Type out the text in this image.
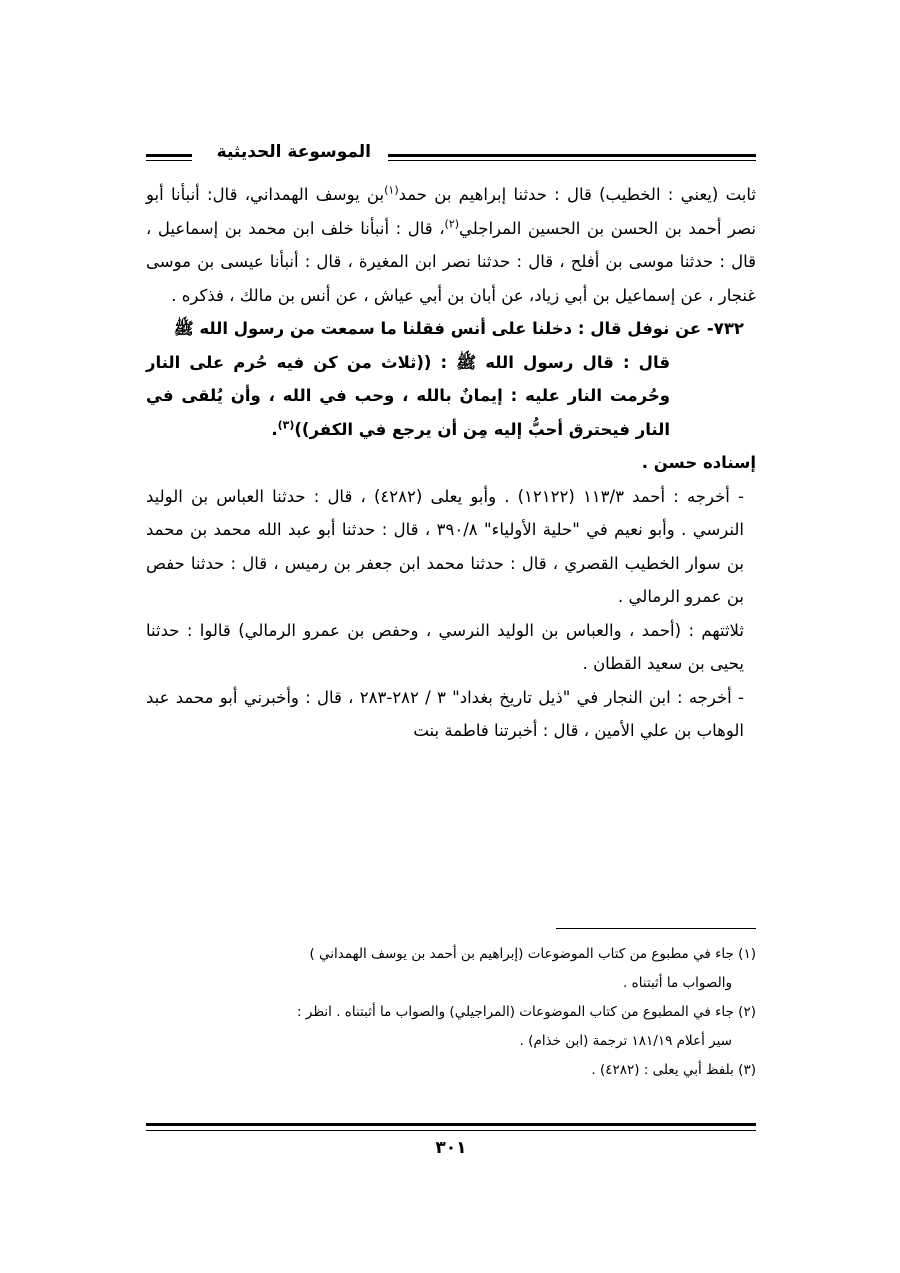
الموسوعة الحديثية

ثابت (يعني : الخطيب) قال : حدثنا إبراهيم بن حمد$^{(١)}$بن يوسف الهمداني، قال: أنبأنا أبو نصر أحمد بن الحسن بن الحسين المراجلي$^{(٢)}$، قال : أنبأنا خلف ابن محمد بن إسماعيل ، قال : حدثنا موسى بن أفلح ، قال : حدثنا نصر ابن المغيرة ، قال : أنبأنا عيسى بن موسى غنجار ، عن إسماعيل بن أبي زياد، عن أبان بن أبي عياش ، عن أنس بن مالك ، فذكره .

٧٣٢- عن نوفل قال : دخلنا على أنس فقلنا ما سمعت من رسول الله ﷺ

قال : قال رسول الله ﷺ : ((ثلاث من كن فيه حُرم على النار وحُرمت النار عليه : إيمانٌ بالله ، وحب في الله ، وأن يُلقى في النار فيحترق أحبُّ إليه مِن أن يرجع في الكفر))$^{(٣)}$.

إسناده حسن .

- أخرجه : أحمد ١١٣/٣ (١٢١٢٢) . وأبو يعلى (٤٢٨٢) ، قال : حدثنا العباس بن الوليد النرسي . وأبو نعيم في "حلية الأولياء" ٣٩٠/٨ ، قال : حدثنا أبو عبد الله محمد بن محمد بن سوار الخطيب القصري ، قال : حدثنا محمد ابن جعفر بن رميس ، قال : حدثنا حفص بن عمرو الرمالي .

ثلاثتهم : (أحمد ، والعباس بن الوليد النرسي ، وحفص بن عمرو الرمالي) قالوا : حدثنا يحيى بن سعيد القطان .

- أخرجه : ابن النجار في "ذيل تاريخ بغداد" ٣ / ٢٨٢-٢٨٣ ، قال : وأخبرني أبو محمد عبد الوهاب بن علي الأمين ، قال : أخبرتنا فاطمة بنت

(١) جاء في مطبوع من كتاب الموضوعات (إبراهيم بن أحمد بن يوسف الهمداني )

والصواب ما أثبتناه .

(٢) جاء في المطبوع من كتاب الموضوعات (المراجيلي) والصواب ما أثبتناه . انظر :

سير أعلام ١٨١/١٩ ترجمة (ابن خذام) .

(٣) بلفظ أبي يعلى : (٤٢٨٢) .

٣٠١
